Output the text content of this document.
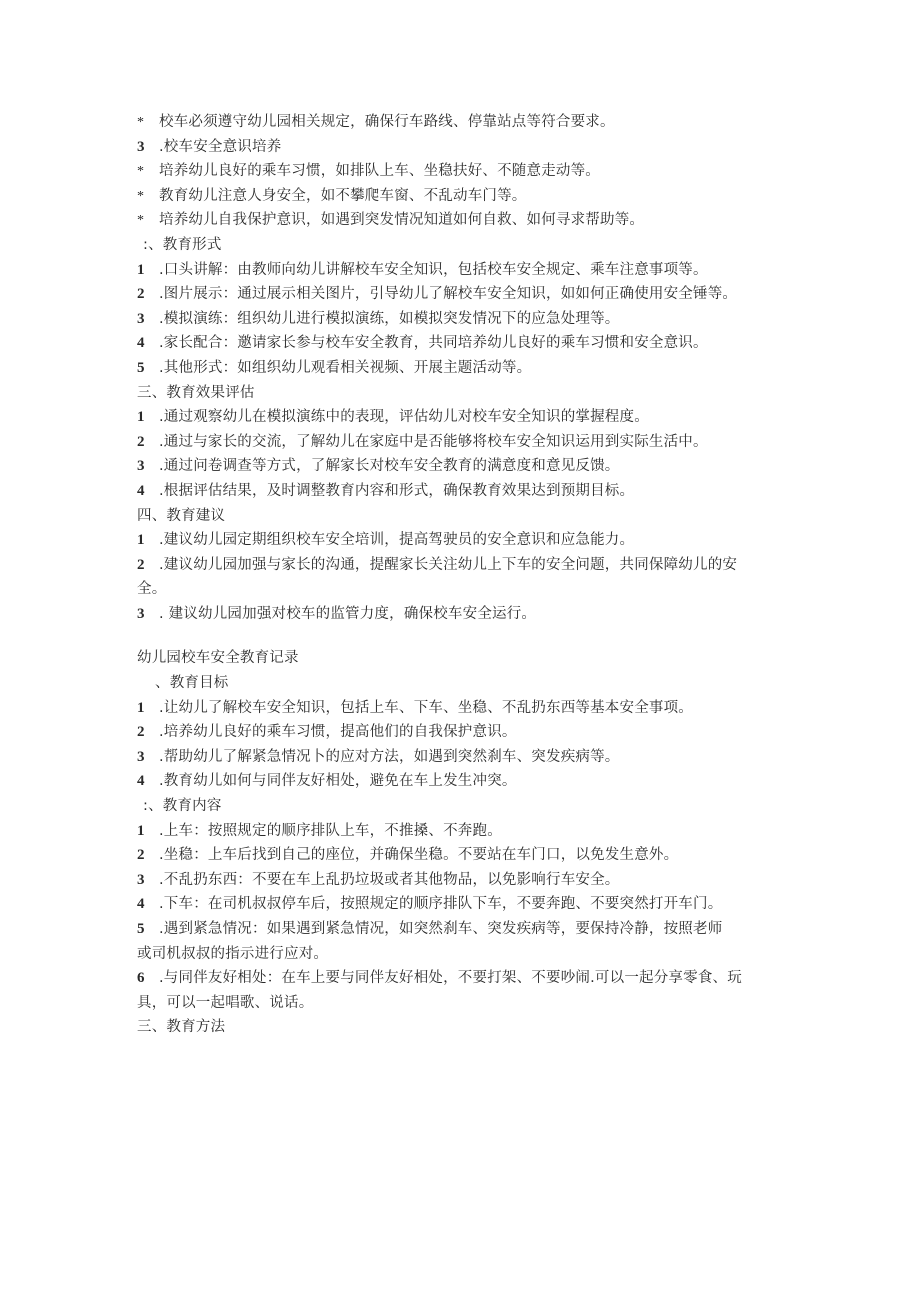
* 校车必须遵守幼儿园相关规定，确保行车路线、停靠站点等符合要求。
3 .校车安全意识培养
* 培养幼儿良好的乘车习惯，如排队上车、坐稳扶好、不随意走动等。
* 教育幼儿注意人身安全，如不攀爬车窗、不乱动车门等。
* 培养幼儿自我保护意识，如遇到突发情况知道如何自救、如何寻求帮助等。
:、教育形式
1 .口头讲解：由教师向幼儿讲解校车安全知识，包括校车安全规定、乘车注意事项等。
2 .图片展示：通过展示相关图片，引导幼儿了解校车安全知识，如如何正确使用安全锤等。
3 .模拟演练：组织幼儿进行模拟演练，如模拟突发情况下的应急处理等。
4 .家长配合：邀请家长参与校车安全教育，共同培养幼儿良好的乘车习惯和安全意识。
5 .其他形式：如组织幼儿观看相关视频、开展主题活动等。
三、教育效果评估
1 .通过观察幼儿在模拟演练中的表现，评估幼儿对校车安全知识的掌握程度。
2 .通过与家长的交流，了解幼儿在家庭中是否能够将校车安全知识运用到实际生活中。
3 .通过问卷调查等方式，了解家长对校车安全教育的满意度和意见反馈。
4 .根据评估结果，及时调整教育内容和形式，确保教育效果达到预期目标。
四、教育建议
1 .建议幼儿园定期组织校车安全培训，提高驾驶员的安全意识和应急能力。
2 .建议幼儿园加强与家长的沟通，提醒家长关注幼儿上下车的安全问题，共同保障幼儿的安
全。
3 . 建议幼儿园加强对校车的监管力度，确保校车安全运行。
幼儿园校车安全教育记录
、教育目标
1 .让幼儿了解校车安全知识，包括上车、下车、坐稳、不乱扔东西等基本安全事项。
2 .培养幼儿良好的乘车习惯，提高他们的自我保护意识。
3 .帮助幼儿了解紧急情况卜的应对方法，如遇到突然刹车、突发疾病等。
4 .教育幼儿如何与同伴友好相处，避免在车上发生冲突。
:、教育内容
1 .上车：按照规定的顺序排队上车，不推搡、不奔跑。
2 .坐稳：上车后找到自己的座位，并确保坐稳。不要站在车门口，以免发生意外。
3 .不乱扔东西：不要在车上乱扔垃圾或者其他物品，以免影响行车安全。
4 .下车：在司机叔叔停车后，按照规定的顺序排队下车，不要奔跑、不要突然打开车门。
5 .遇到紧急情况：如果遇到紧急情况，如突然刹车、突发疾病等，要保持冷静，按照老师
或司机叔叔的指示进行应对。
6 .与同伴友好相处：在车上要与同伴友好相处，不要打架、不要吵闹.可以一起分享零食、玩
具，可以一起唱歌、说话。
三、教育方法
